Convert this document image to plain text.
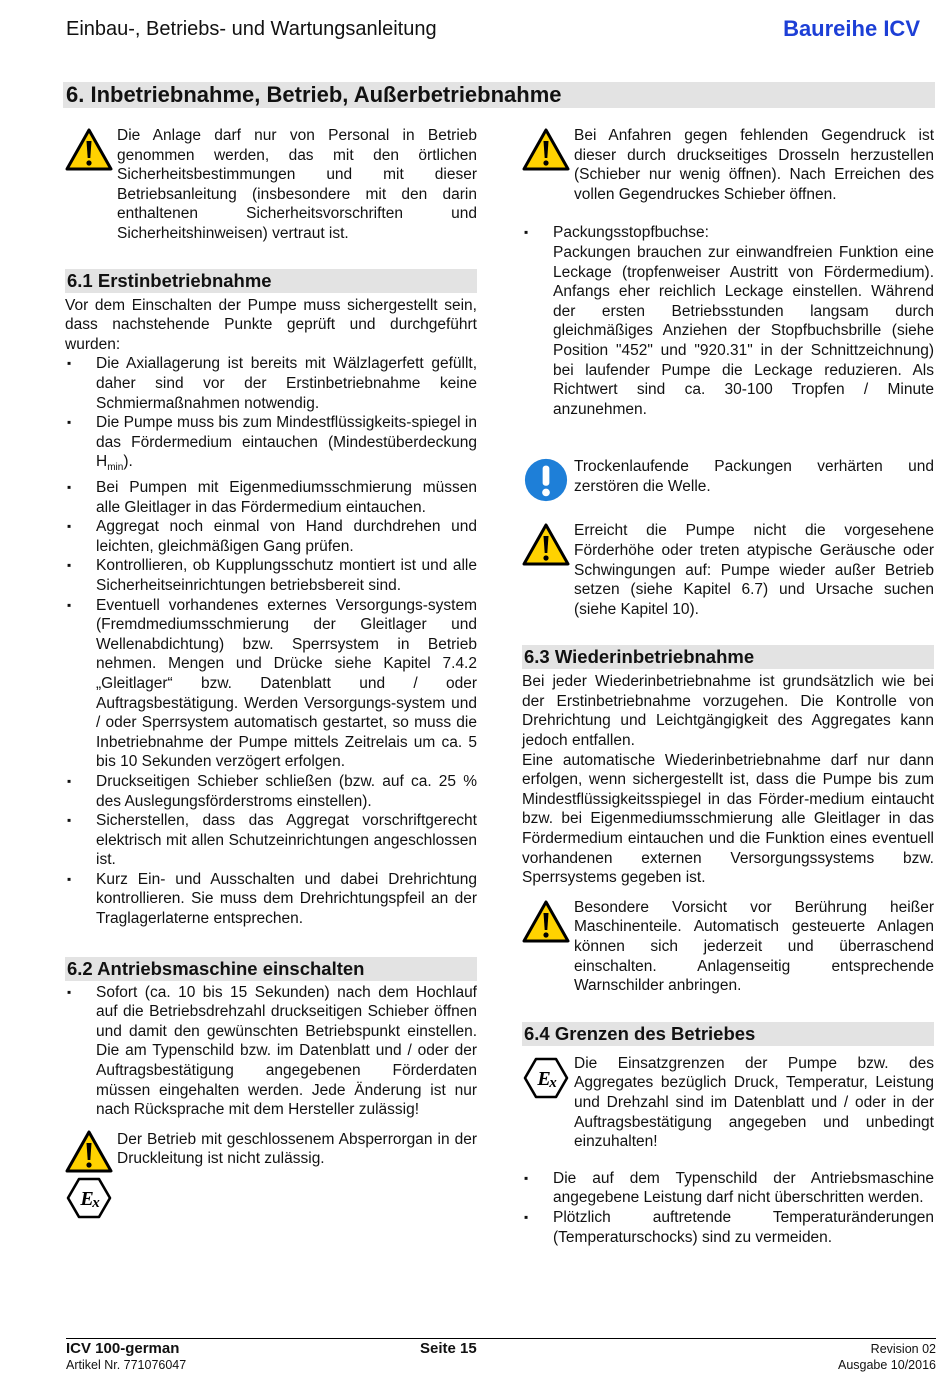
Einbau-, Betriebs- und Wartungsanleitung	Baureihe ICV
6. Inbetriebnahme, Betrieb, Außerbetriebnahme

Die Anlage darf nur von Personal in Betrieb genommen werden, das mit den örtlichen Sicherheitsbestimmungen und mit dieser Betriebsanleitung (insbesondere mit den darin enthaltenen Sicherheitsvorschriften und Sicherheitshinweisen) vertraut ist.

6.1 Erstinbetriebnahme

Vor dem Einschalten der Pumpe muss sichergestellt sein, dass nachstehende Punkte geprüft und durchgeführt wurden:

▪ Die Axiallagerung ist bereits mit Wälzlagerfett gefüllt, daher sind vor der Erstinbetriebnahme keine Schmiermaßnahmen notwendig.
▪ Die Pumpe muss bis zum Mindestflüssigkeits-spiegel in das Fördermedium eintauchen (Mindestüberdeckung $H_{min}$).
▪ Bei Pumpen mit Eigenmediumsschmierung müssen alle Gleitlager in das Fördermedium eintauchen.
▪ Aggregat noch einmal von Hand durchdrehen und leichten, gleichmäßigen Gang prüfen.
▪ Kontrollieren, ob Kupplungsschutz montiert ist und alle Sicherheitseinrichtungen betriebsbereit sind.
▪ Eventuell vorhandenes externes Versorgungs-system (Fremdmediumsschmierung der Gleitlager und Wellenabdichtung) bzw. Sperrsystem in Betrieb nehmen. Mengen und Drücke siehe Kapitel 7.4.2 „Gleitlager“ bzw. Datenblatt und / oder Auftragsbestätigung. Werden Versorgungs-system und / oder Sperrsystem automatisch gestartet, so muss die Inbetriebnahme der Pumpe mittels Zeitrelais um ca. 5 bis 10 Sekunden verzögert erfolgen.
▪ Druckseitigen Schieber schließen (bzw. auf ca. 25 % des Auslegungsförderstroms einstellen).
▪ Sicherstellen, dass das Aggregat vorschriftgerecht elektrisch mit allen Schutzeinrichtungen angeschlossen ist.
▪ Kurz Ein- und Ausschalten und dabei Drehrichtung kontrollieren. Sie muss dem Drehrichtungspfeil an der Traglagerlaterne entsprechen.
6.2 Antriebsmaschine einschalten
▪ Sofort (ca. 10 bis 15 Sekunden) nach dem Hochlauf auf die Betriebsdrehzahl druckseitigen Schieber öffnen und damit den gewünschten Betriebspunkt einstellen. Die am Typenschild bzw. im Datenblatt und / oder der Auftragsbestätigung angegebenen Förderdaten müssen eingehalten werden. Jede Änderung ist nur nach Rücksprache mit dem Hersteller zulässig!

Der Betrieb mit geschlossenem Absperrorgan in der Druckleitung ist nicht zulässig.

Bei Anfahren gegen fehlenden Gegendruck ist dieser durch druckseitiges Drosseln herzustellen (Schieber nur wenig öffnen). Nach Erreichen des vollen Gegendruckes Schieber öffnen.

▪ Packungsstopfbuchse:
Packungen brauchen zur einwandfreien Funktion eine Leckage (tropfenweiser Austritt von Fördermedium). Anfangs eher reichlich Leckage einstellen. Während der ersten Betriebsstunden langsam durch gleichmäßiges Anziehen der Stopfbuchsbrille (siehe Position "452" und "920.31" in der Schnittzeichnung) bei laufender Pumpe die Leckage reduzieren. Als Richtwert sind ca. 30-100 Tropfen / Minute anzunehmen.

Trockenlaufende Packungen verhärten und zerstören die Welle.

Erreicht die Pumpe nicht die vorgesehene Förderhöhe oder treten atypische Geräusche oder Schwingungen auf: Pumpe wieder außer Betrieb setzen (siehe Kapitel 6.7) und Ursache suchen (siehe Kapitel 10).

6.3 Wiederinbetriebnahme

Bei jeder Wiederinbetriebnahme ist grundsätzlich wie bei der Erstinbetriebnahme vorzugehen. Die Kontrolle von Drehrichtung und Leichtgängigkeit des Aggregates kann jedoch entfallen.

Eine automatische Wiederinbetriebnahme darf nur dann erfolgen, wenn sichergestellt ist, dass die Pumpe bis zum Mindestflüssigkeitsspiegel in das Förder-medium eintaucht bzw. bei Eigenmediumsschmierung alle Gleitlager in das Fördermedium eintauchen und die Funktion eines eventuell vorhandenen externen Versorgungssystems bzw. Sperrsystems gegeben ist.

Besondere Vorsicht vor Berührung heißer Maschinenteile. Automatisch gesteuerte Anlagen können sich jederzeit und überraschend einschalten. Anlagenseitig entsprechende Warnschilder anbringen.

6.4 Grenzen des Betriebes

Die Einsatzgrenzen der Pumpe bzw. des Aggregates bezüglich Druck, Temperatur, Leistung und Drehzahl sind im Datenblatt und / oder in der Auftragsbestätigung angegeben und unbedingt einzuhalten!

▪ Die auf dem Typenschild der Antriebsmaschine angegebene Leistung darf nicht überschritten werden.
▪ Plötzlich auftretende Temperaturänderungen (Temperaturschocks) sind zu vermeiden.
ICV 100-german	Seite 15	Revision 02
Artikel Nr. 771076047	Ausgabe 10/2016
